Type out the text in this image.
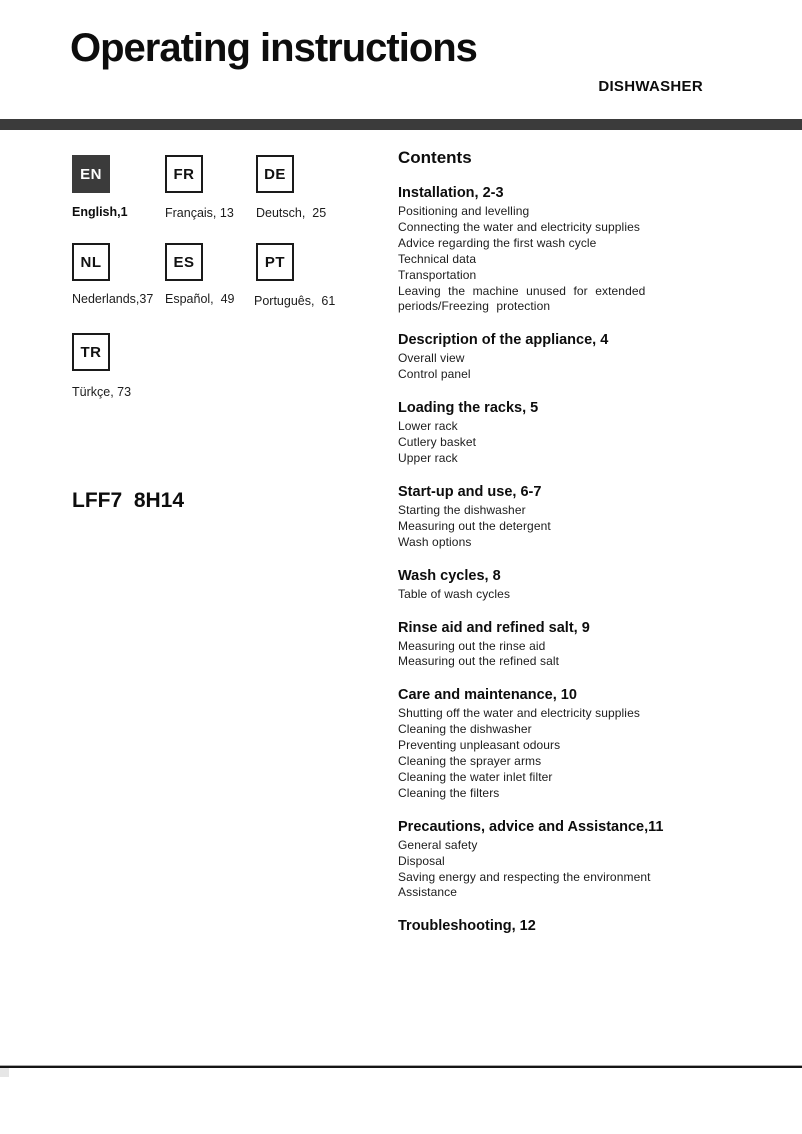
Operating instructions
DISHWASHER
EN	FR	DE
English,1	Français, 13 Deutsch,  25
NL	ES	PT
Nederlands,37 Español,  49 Português,  61
TR
Türkçe, 73
LFF7  8H14
Contents
Installation, 2-3
Positioning and levelling
Connecting the water and electricity supplies
Advice regarding the first wash cycle
Technical data
Transportation
Leaving the machine unused for extended periods/Freezing protection
Description of the appliance, 4
Overall view
Control panel
Loading the racks, 5
Lower rack
Cutlery basket
Upper rack
Start-up and use, 6-7
Starting the dishwasher
Measuring out the detergent
Wash options
Wash cycles, 8
Table of wash cycles
Rinse aid and refined salt, 9
Measuring out the rinse aid
Measuring out the refined salt
Care and maintenance, 10
Shutting off the water and electricity supplies
Cleaning the dishwasher
Preventing unpleasant odours
Cleaning the sprayer arms
Cleaning the water inlet filter
Cleaning the filters
Precautions, advice and Assistance,11
General safety
Disposal
Saving energy and respecting the environment
Assistance
Troubleshooting, 12
